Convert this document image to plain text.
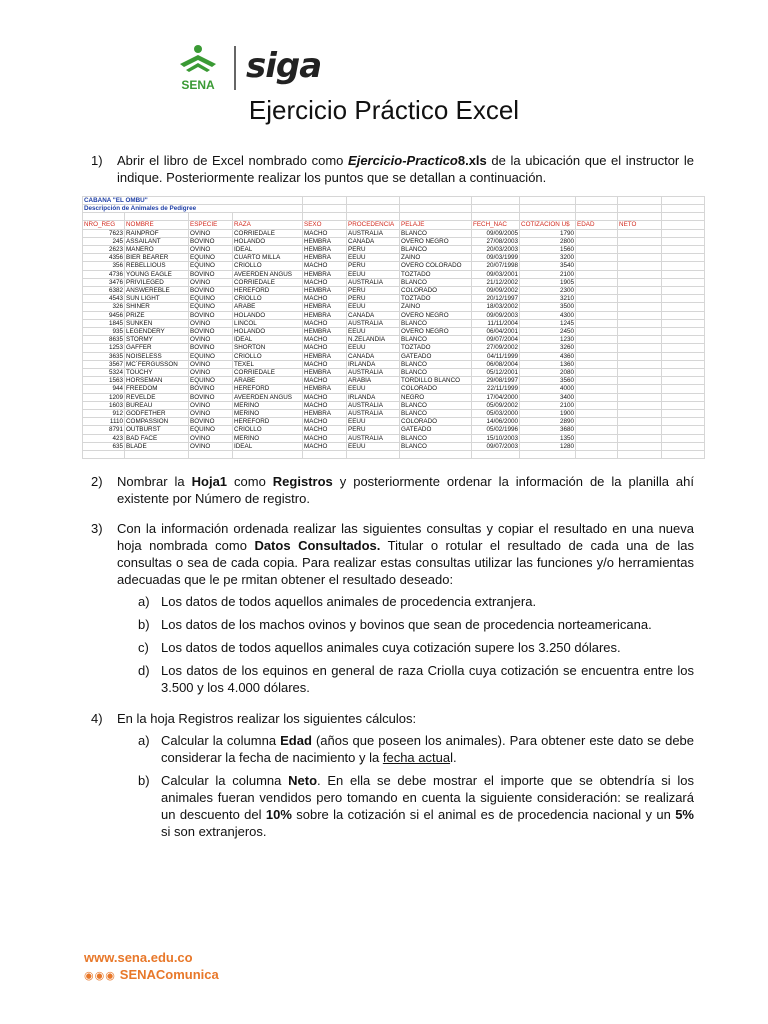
SENA siga
Ejercicio Práctico Excel
1) Abrir el libro de Excel nombrado como Ejercicio-Practico8.xls de la ubicación que el instructor le indique. Posteriormente realizar los puntos que se detallan a continuación.
CABANA "EL OMBU"											
Descripción de Animales de Pedigree											

NRO_REG	NOMBRE	ESPECIE	RAZA	SEXO	PROCEDENCIA	PELAJE	FECH_NAC	COTIZACION U$	EDAD	NETO	
7623	RAINPROF	OVINO	CORRIEDALE	MACHO	AUSTRALIA	BLANCO	09/09/2005	1790			
245	ASSAILANT	BOVINO	HOLANDO	HEMBRA	CANADA	OVERO NEGRO	27/08/2003	2800			
2623	MANERO	OVINO	IDEAL	HEMBRA	PERU	BLANCO	20/03/2003	1560			
4356	BIER BEARER	EQUINO	CUARTO MILLA	HEMBRA	EEUU	ZAINO	09/03/1999	3200			
356	REBELLIOUS	EQUINO	CRIOLLO	MACHO	PERU	OVERO COLORADO	20/07/1998	3540			
4736	YOUNG EAGLE	BOVINO	AVEERDEN ANGUS	HEMBRA	EEUU	TOZTADO	09/03/2001	2100			
3476	PRIVILEGED	OVINO	CORRIEDALE	MACHO	AUSTRALIA	BLANCO	21/12/2002	1905			
6382	ANSWEREBLE	BOVINO	HEREFORD	HEMBRA	PERU	COLORADO	09/09/2002	2300			
4543	SUN LIGHT	EQUINO	CRIOLLO	MACHO	PERU	TOZTADO	20/12/1997	3210			
326	SHINER	EQUINO	ARABE	HEMBRA	EEUU	ZAINO	18/03/2002	3500			
9456	PRIZE	BOVINO	HOLANDO	HEMBRA	CANADA	OVERO NEGRO	09/09/2003	4300			
1845	SUNKEN	OVINO	LINCOL	MACHO	AUSTRALIA	BLANCO	11/11/2004	1245			
935	LEGENDERY	BOVINO	HOLANDO	HEMBRA	EEUU	OVERO NEGRO	06/04/2001	2450			
8635	STORMY	OVINO	IDEAL	MACHO	N.ZELANDIA	BLANCO	09/07/2004	1230			
1253	GAFFER	BOVINO	SHORTON	MACHO	EEUU	TOZTADO	27/09/2002	3260			
3635	NOISELESS	EQUINO	CRIOLLO	HEMBRA	CANADA	GATEADO	04/11/1999	4360			
3567	MC´FERGUSSON	OVINO	TEXEL	MACHO	IRLANDA	BLANCO	06/08/2004	1360			
5324	TOUCHY	OVINO	CORRIEDALE	HEMBRA	AUSTRALIA	BLANCO	05/12/2001	2080			
1563	HORSEMAN	EQUINO	ARABE	MACHO	ARABIA	TORDILLO BLANCO	29/08/1997	3560			
944	FREEDOM	BOVINO	HEREFORD	HEMBRA	EEUU	COLORADO	22/11/1999	4000			
1209	REVELDE	BOVINO	AVEERDEN ANGUS	MACHO	IRLANDA	NEGRO	17/04/2000	3400			
1603	BUREAU	OVINO	MERINO	MACHO	AUSTRALIA	BLANCO	05/09/2002	2100			
912	GODFETHER	OVINO	MERINO	HEMBRA	AUSTRALIA	BLANCO	05/03/2000	1900			
1110	COMPASSION	BOVINO	HEREFORD	MACHO	EEUU	COLORADO	14/06/2000	2890			
8791	OUTBURST	EQUINO	CRIOLLO	MACHO	PERU	GATEADO	05/02/1996	3680			
423	BAD FACE	OVINO	MERINO	MACHO	AUSTRALIA	BLANCO	15/10/2003	1350			
635	BLADE	OVINO	IDEAL	MACHO	EEUU	BLANCO	09/07/2003	1280			

2) Nombrar la Hoja1 como Registros y posteriormente ordenar la información de la planilla ahí existente por Número de registro.
3) Con la información ordenada realizar las siguientes consultas y copiar el resultado en una nueva hoja nombrada como Datos Consultados. Titular o rotular el resultado de cada una de las consultas o sea de cada copia. Para realizar estas consultas utilizar las funciones y/o herramientas adecuadas que le pe rmitan obtener el resultado deseado:
a) Los datos de todos aquellos animales de procedencia extranjera.
b) Los datos de los machos ovinos y bovinos que sean de procedencia norteamericana.
c) Los datos de todos aquellos animales cuya cotización supere los 3.250 dólares.
d) Los datos de los equinos en general de raza Criolla cuya cotización se encuentra entre los 3.500 y los 4.000 dólares.
4) En la hoja Registros realizar los siguientes cálculos:
a) Calcular la columna Edad (años que poseen los animales). Para obtener este dato se debe considerar la fecha de nacimiento y la fecha actual.
b) Calcular la columna Neto. En ella se debe mostrar el importe que se obtendría si los animales fueran vendidos pero tomando en cuenta la siguiente consideración: se realizará un descuento del 10% sobre la cotización si el animal es de procedencia nacional y un 5% si son extranjeros.
www.sena.edu.co
◉◉◉ SENAComunica
